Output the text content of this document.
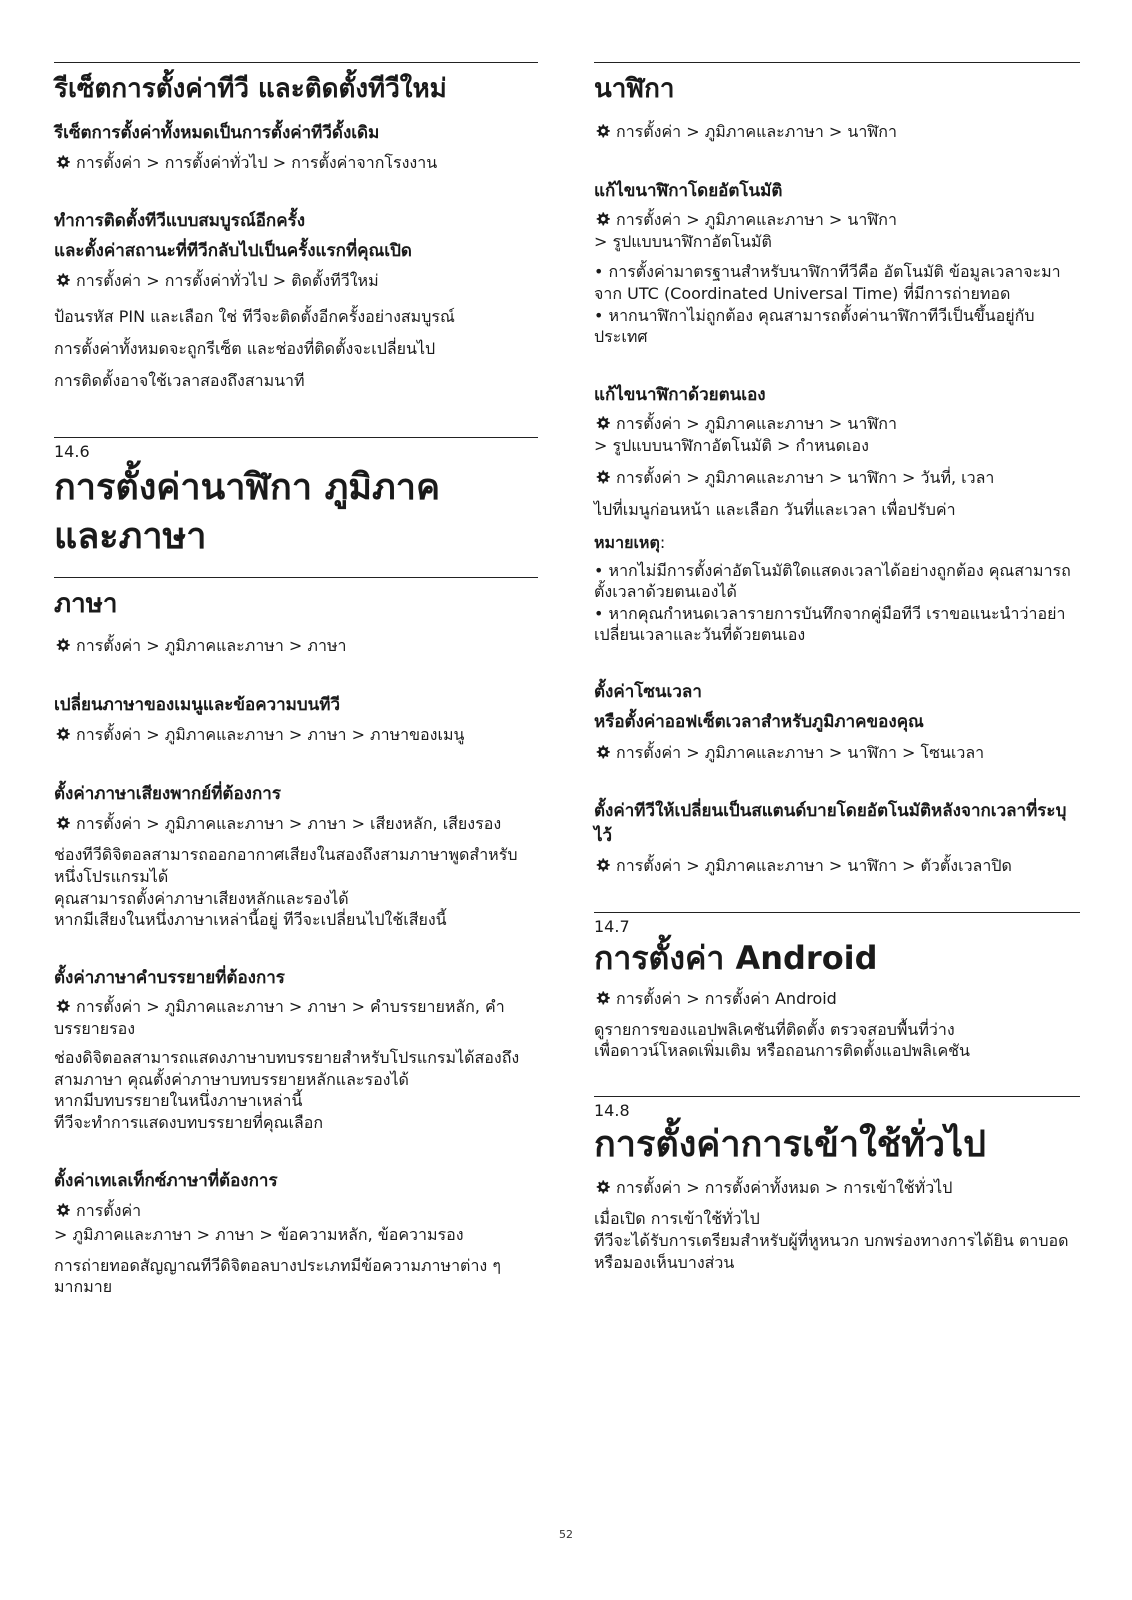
รีเซ็ตการตั้งค่าทีวี และติดตั้งทีวีใหม่
รีเซ็ตการตั้งค่าทั้งหมดเป็นการตั้งค่าทีวีดั้งเดิม
การตั้งค่า > การตั้งค่าทั่วไป > การตั้งค่าจากโรงงาน
ทำการติดตั้งทีวีแบบสมบูรณ์อีกครั้ง
และตั้งค่าสถานะที่ทีวีกลับไปเป็นครั้งแรกที่คุณเปิด
การตั้งค่า > การตั้งค่าทั่วไป > ติดตั้งทีวีใหม่
ป้อนรหัส PIN และเลือก ใช่ ทีวีจะติดตั้งอีกครั้งอย่างสมบูรณ์
การตั้งค่าทั้งหมดจะถูกรีเซ็ต และช่องที่ติดตั้งจะเปลี่ยนไป
การติดตั้งอาจใช้เวลาสองถึงสามนาที
14.6
การตั้งค่านาฬิกา ภูมิภาค
และภาษา
ภาษา
การตั้งค่า > ภูมิภาคและภาษา > ภาษา
เปลี่ยนภาษาของเมนูและข้อความบนทีวี
การตั้งค่า > ภูมิภาคและภาษา > ภาษา > ภาษาของเมนู
ตั้งค่าภาษาเสียงพากย์ที่ต้องการ
การตั้งค่า > ภูมิภาคและภาษา > ภาษา > เสียงหลัก, เสียงรอง
ช่องทีวีดิจิตอลสามารถออกอากาศเสียงในสองถึงสามภาษาพูดสำหรับหนึ่งโปรแกรมได้
คุณสามารถตั้งค่าภาษาเสียงหลักและรองได้
หากมีเสียงในหนึ่งภาษาเหล่านี้อยู่ ทีวีจะเปลี่ยนไปใช้เสียงนี้
ตั้งค่าภาษาคำบรรยายที่ต้องการ
การตั้งค่า > ภูมิภาคและภาษา > ภาษา > คำบรรยายหลัก, คำบรรยายรอง
ช่องดิจิตอลสามารถแสดงภาษาบทบรรยายสำหรับโปรแกรมได้สองถึงสามภาษา คุณตั้งค่าภาษาบทบรรยายหลักและรองได้
หากมีบทบรรยายในหนึ่งภาษาเหล่านี้
ทีวีจะทำการแสดงบทบรรยายที่คุณเลือก
ตั้งค่าเทเลเท็กซ์ภาษาที่ต้องการ
การตั้งค่า
> ภูมิภาคและภาษา > ภาษา > ข้อความหลัก, ข้อความรอง
การถ่ายทอดสัญญาณทีวีดิจิตอลบางประเภทมีข้อความภาษาต่าง ๆ มากมาย
นาฬิกา
การตั้งค่า > ภูมิภาคและภาษา > นาฬิกา
แก้ไขนาฬิกาโดยอัตโนมัติ
การตั้งค่า > ภูมิภาคและภาษา > นาฬิกา
> รูปแบบนาฬิกาอัตโนมัติ
• การตั้งค่ามาตรฐานสำหรับนาฬิกาทีวีคือ อัตโนมัติ ข้อมูลเวลาจะมาจาก UTC (Coordinated Universal Time) ที่มีการถ่ายทอด
• หากนาฬิกาไม่ถูกต้อง คุณสามารถตั้งค่านาฬิกาทีวีเป็นขึ้นอยู่กับประเทศ
แก้ไขนาฬิกาด้วยตนเอง
การตั้งค่า > ภูมิภาคและภาษา > นาฬิกา
> รูปแบบนาฬิกาอัตโนมัติ > กำหนดเอง
การตั้งค่า > ภูมิภาคและภาษา > นาฬิกา > วันที่, เวลา
ไปที่เมนูก่อนหน้า และเลือก วันที่และเวลา เพื่อปรับค่า
หมายเหตุ:
• หากไม่มีการตั้งค่าอัตโนมัติใดแสดงเวลาได้อย่างถูกต้อง คุณสามารถตั้งเวลาด้วยตนเองได้
• หากคุณกำหนดเวลารายการบันทึกจากคู่มือทีวี เราขอแนะนำว่าอย่าเปลี่ยนเวลาและวันที่ด้วยตนเอง
ตั้งค่าโซนเวลา
หรือตั้งค่าออฟเซ็ตเวลาสำหรับภูมิภาคของคุณ
การตั้งค่า > ภูมิภาคและภาษา > นาฬิกา > โซนเวลา
ตั้งค่าทีวีให้เปลี่ยนเป็นสแตนด์บายโดยอัตโนมัติหลังจากเวลาที่ระบุไว้
การตั้งค่า > ภูมิภาคและภาษา > นาฬิกา > ตัวตั้งเวลาปิด
14.7
การตั้งค่า Android
การตั้งค่า > การตั้งค่า Android
ดูรายการของแอปพลิเคชันที่ติดตั้ง ตรวจสอบพื้นที่ว่าง
เพื่อดาวน์โหลดเพิ่มเติม หรือถอนการติดตั้งแอปพลิเคชัน
14.8
การตั้งค่าการเข้าใช้ทั่วไป
การตั้งค่า > การตั้งค่าทั้งหมด > การเข้าใช้ทั่วไป
เมื่อเปิด การเข้าใช้ทั่วไป
ทีวีจะได้รับการเตรียมสำหรับผู้ที่หูหนวก บกพร่องทางการได้ยิน ตาบอด หรือมองเห็นบางส่วน
52
